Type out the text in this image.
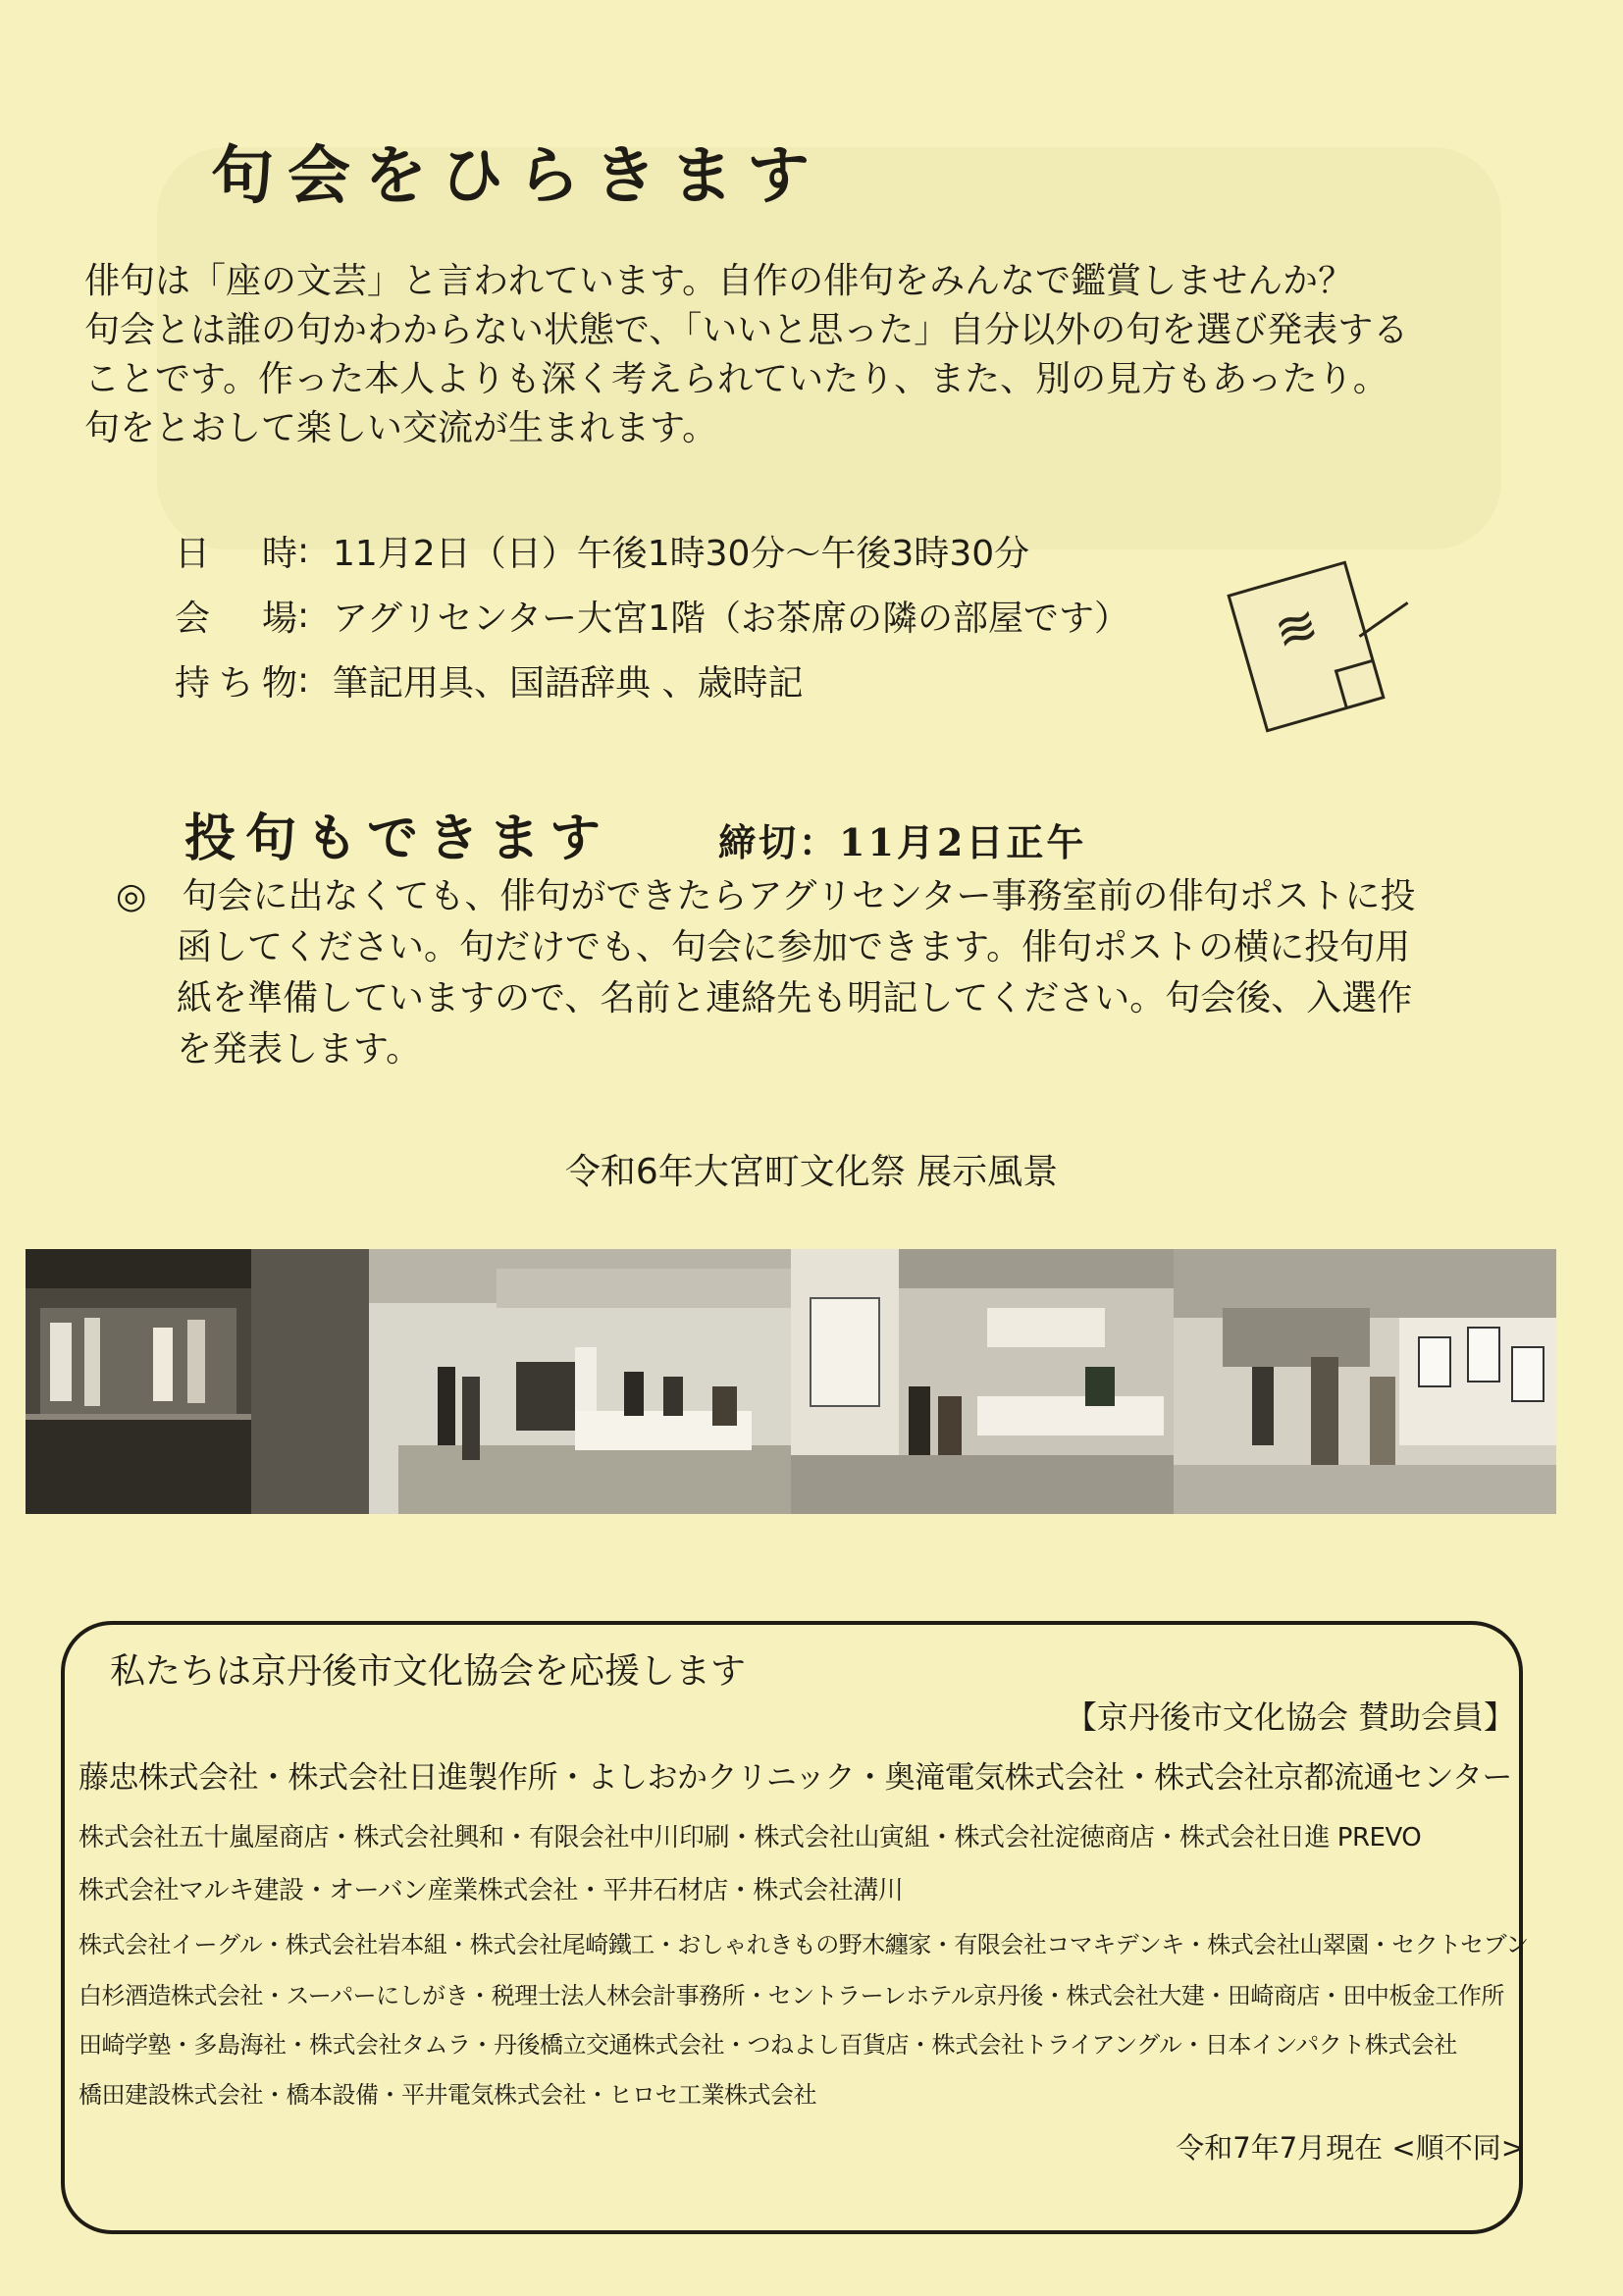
句会をひらきます

俳句は「座の文芸」と言われています。自作の俳句をみんなで鑑賞しませんか？

句会とは誰の句かわからない状態で、「いいと思った」自分以外の句を選び発表する

ことです。作った本人よりも深く考えられていたり、また、別の見方もあったり。

句をとおして楽しい交流が生まれます。

日　時 : 11月2日（日）午後1時30分～午後3時30分
会　場 : アグリセンター大宮1階（お茶席の隣の部屋です）
持ち物 : 筆記用具、国語辞典 、歳時記
≋
投句もできます	締切：11月2日正午

◎　 句会に出なくても、俳句ができたらアグリセンター事務室前の俳句ポストに投

函してください。句だけでも、句会に参加できます。俳句ポストの横に投句用

紙を準備していますので、名前と連絡先も明記してください。句会後、入選作

を発表します。

令和6年大宮町文化祭 展示風景
私たちは京丹後市文化協会を応援します
【京丹後市文化協会 賛助会員】
藤忠株式会社・株式会社日進製作所・よしおかクリニック・奥滝電気株式会社・株式会社京都流通センター
株式会社五十嵐屋商店・株式会社興和・有限会社中川印刷・株式会社山寅組・株式会社淀徳商店・株式会社日進 PREVO
株式会社マルキ建設・オーバン産業株式会社・平井石材店・株式会社溝川
株式会社イーグル・株式会社岩本組・株式会社尾崎鐵工・おしゃれきもの野木纏家・有限会社コマキデンキ・株式会社山翠園・セクトセブン
白杉酒造株式会社・スーパーにしがき・税理士法人林会計事務所・セントラーレホテル京丹後・株式会社大建・田崎商店・田中板金工作所
田崎学塾・多島海社・株式会社タムラ・丹後橋立交通株式会社・つねよし百貨店・株式会社トライアングル・日本インパクト株式会社
橋田建設株式会社・橋本設備・平井電気株式会社・ヒロセ工業株式会社
令和7年7月現在 <順不同>
